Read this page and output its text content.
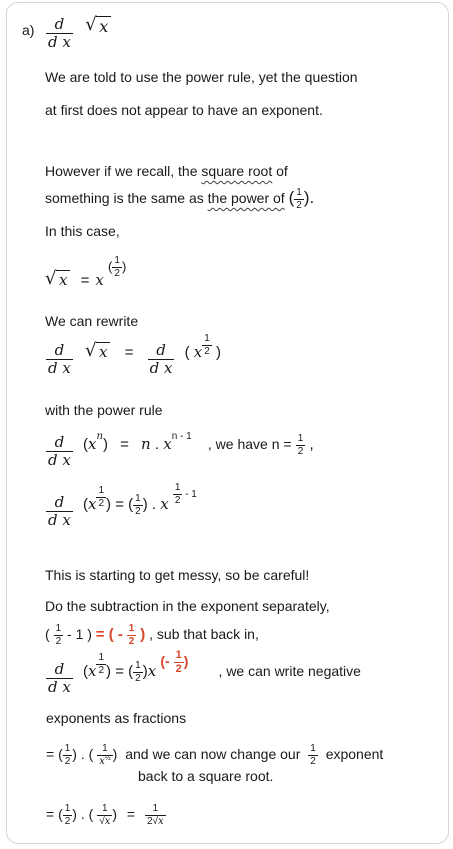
$a) \frac{d}{\text{d x}}$
√ x
We are told to use the power rule, yet the question
at first does not appear to have an exponent.
However if we recall, the square root of
something is the same as the power of ( $\frac{1}{2}$ ).
In this case,
√ x = x ( $\frac{1}{2}$ )
We can rewrite
$\frac{d}{\text{d x}}$
√ $x = \frac{d}{\text{d x}}$ ( x $\frac{1}{2}$ )
with the power rule
$\frac{d}{\text{d x}} (x^n) = n$ . $x^{n - 1}$ , we have $n = \frac{1}{2}$ ,
$\frac{d}{\text{d x}} (x \frac{1}{2}$ ) = ( $\frac{1}{2}$ ) . x $^{\frac{1}{2} - 1}$
This is starting to get messy, so be careful!
Do the subtraction in the exponent separately,
( $\frac{1}{2} - 1$ ) = ( - $\frac{1}{2}$ ) , sub that back in,
$\frac{d}{\text{d x}} (x \frac{1}{2}$ ) = ( $\frac{1}{2} )x$ (- $\frac{1}{2}$ ) , we can write negative
exponents as fractions
= ( $\frac{1}{2}$ ) . ( $\frac{1}{x^{\frac{1}{2}}}$ ) and we can now change our $\frac{1}{2}$ exponent
back to a square root.
= ( $\frac{1}{2}$ ) . ( $\frac{1}{√x}$ ) = $\frac{1}{2√x}$
